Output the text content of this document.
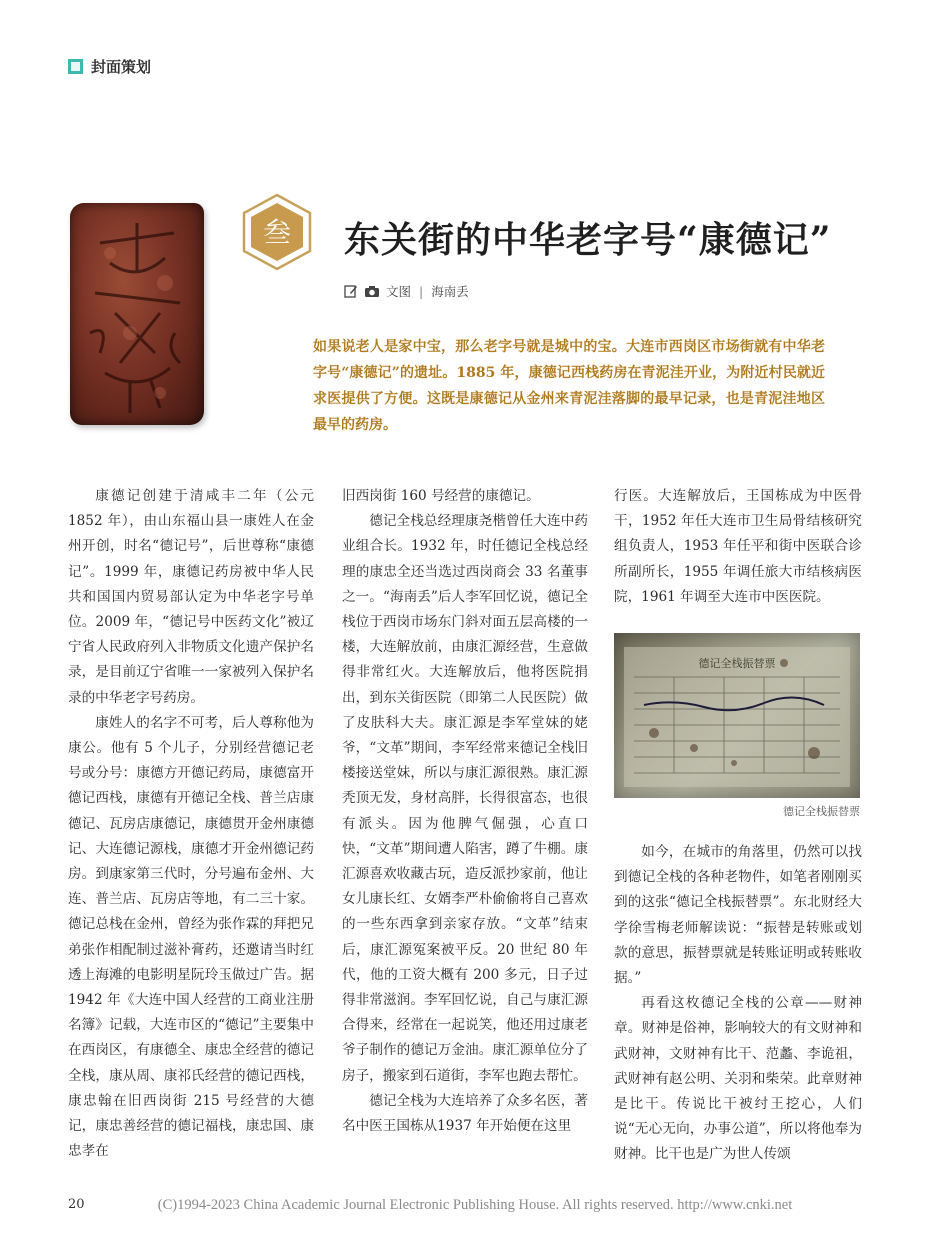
封面策划
叁 东关街的中华老字号“康德记”
文图 | 海南丢

如果说老人是家中宝，那么老字号就是城中的宝。大连市西岗区市场街就有中华老字号“康德记”的遗址。1885 年，康德记西栈药房在青泥洼开业，为附近村民就近求医提供了方便。这既是康德记从金州来青泥洼落脚的最早记录，也是青泥洼地区最早的药房。

康德记创建于清咸丰二年（公元 1852 年），由山东福山县一康姓人在金州开创，时名“德记号”，后世尊称“康德记”。1999 年，康德记药房被中华人民共和国国内贸易部认定为中华老字号单位。2009 年，“德记号中医药文化”被辽宁省人民政府列入非物质文化遗产保护名录，是目前辽宁省唯一一家被列入保护名录的中华老字号药房。

康姓人的名字不可考，后人尊称他为康公。他有 5 个儿子，分别经营德记老号或分号：康德方开德记药局，康德富开德记西栈，康德有开德记全栈、普兰店康德记、瓦房店康德记，康德贯开金州康德记、大连德记源栈，康德才开金州德记药房。到康家第三代时，分号遍布金州、大连、普兰店、瓦房店等地，有二三十家。德记总栈在金州，曾经为张作霖的拜把兄弟张作相配制过滋补膏药，还邀请当时红透上海滩的电影明星阮玲玉做过广告。据 1942 年《大连中国人经营的工商业注册名簿》记载，大连市区的“德记”主要集中在西岗区，有康德全、康忠全经营的德记全栈，康从周、康祁氏经营的德记西栈，康忠翰在旧西岗街 215 号经营的大德记，康忠善经营的德记福栈，康忠国、康忠孝在

旧西岗街 160 号经营的康德记。

德记全栈总经理康尧楷曾任大连中药业组合长。1932 年，时任德记全栈总经理的康忠全还当选过西岗商会 33 名董事之一。“海南丢”后人李军回忆说，德记全栈位于西岗市场东门斜对面五层高楼的一楼，大连解放前，由康汇源经营，生意做得非常红火。大连解放后，他将医院捐出，到东关街医院（即第二人民医院）做了皮肤科大夫。康汇源是李军堂妹的姥爷，“文革”期间，李军经常来德记全栈旧楼接送堂妹，所以与康汇源很熟。康汇源秃顶无发，身材高胖，长得很富态，也很有派头。因为他脾气倔强，心直口快，“文革”期间遭人陷害，蹲了牛棚。康汇源喜欢收藏古玩，造反派抄家前，他让女儿康长红、女婿李严朴偷偷将自己喜欢的一些东西拿到亲家存放。“文革”结束后，康汇源冤案被平反。20 世纪 80 年代，他的工资大概有 200 多元，日子过得非常滋润。李军回忆说，自己与康汇源合得来，经常在一起说笑，他还用过康老爷子制作的德记万金油。康汇源单位分了房子，搬家到石道街，李军也跑去帮忙。

德记全栈为大连培养了众多名医，著名中医王国栋从1937 年开始便在这里

行医。大连解放后，王国栋成为中医骨干，1952 年任大连市卫生局骨结核研究组负责人，1953 年任平和街中医联合诊所副所长，1955 年调任旅大市结核病医院，1961 年调至大连市中医医院。

德记全栈振替票
德记全栈振替票

如今，在城市的角落里，仍然可以找到德记全栈的各种老物件，如笔者刚刚买到的这张“德记全栈振替票”。东北财经大学徐雪梅老师解读说：“振替是转账或划款的意思，振替票就是转账证明或转账收据。”

再看这枚德记全栈的公章——财神章。财神是俗神，影响较大的有文财神和武财神，文财神有比干、范蠡、李诡祖，武财神有赵公明、关羽和柴荣。此章财神是比干。传说比干被纣王挖心，人们说“无心无向，办事公道”，所以将他奉为财神。比干也是广为世人传颂

(C)1994-2023 China Academic Journal Electronic Publishing House. All rights reserved. http://www.cnki.net
20
